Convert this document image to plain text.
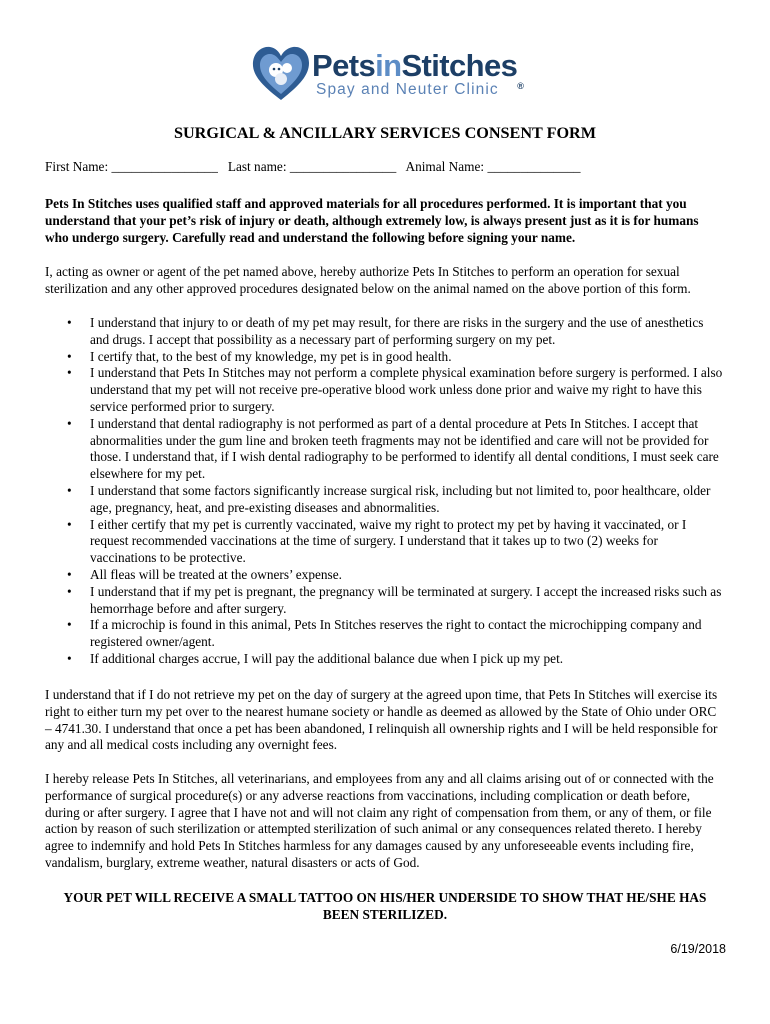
PetsinStitches®
Spay and Neuter Clinic
SURGICAL & ANCILLARY SERVICES CONSENT FORM
First Name: ________________   Last name: ________________   Animal Name: ______________

Pets In Stitches uses qualified staff and approved materials for all procedures performed. It is important that you understand that your pet’s risk of injury or death, although extremely low, is always present just as it is for humans who undergo surgery. Carefully read and understand the following before signing your name.

I, acting as owner or agent of the pet named above, hereby authorize Pets In Stitches to perform an operation for sexual sterilization and any other approved procedures designated below on the animal named on the above portion of this form.

• I understand that injury to or death of my pet may result, for there are risks in the surgery and the use of anesthetics and drugs. I accept that possibility as a necessary part of performing surgery on my pet.
• I certify that, to the best of my knowledge, my pet is in good health.
• I understand that Pets In Stitches may not perform a complete physical examination before surgery is performed. I also understand that my pet will not receive pre-operative blood work unless done prior and waive my right to have this service performed prior to surgery.
• I understand that dental radiography is not performed as part of a dental procedure at Pets In Stitches. I accept that abnormalities under the gum line and broken teeth fragments may not be identified and care will not be provided for those. I understand that, if I wish dental radiography to be performed to identify all dental conditions, I must seek care elsewhere for my pet.
• I understand that some factors significantly increase surgical risk, including but not limited to, poor healthcare, older age, pregnancy, heat, and pre-existing diseases and abnormalities.
• I either certify that my pet is currently vaccinated, waive my right to protect my pet by having it vaccinated, or I request recommended vaccinations at the time of surgery. I understand that it takes up to two (2) weeks for vaccinations to be protective.
• All fleas will be treated at the owners’ expense.
• I understand that if my pet is pregnant, the pregnancy will be terminated at surgery. I accept the increased risks such as hemorrhage before and after surgery.
• If a microchip is found in this animal, Pets In Stitches reserves the right to contact the microchipping company and registered owner/agent.
• If additional charges accrue, I will pay the additional balance due when I pick up my pet.

I understand that if I do not retrieve my pet on the day of surgery at the agreed upon time, that Pets In Stitches will exercise its right to either turn my pet over to the nearest humane society or handle as deemed as allowed by the State of Ohio under ORC – 4741.30. I understand that once a pet has been abandoned, I relinquish all ownership rights and I will be held responsible for any and all medical costs including any overnight fees.

I hereby release Pets In Stitches, all veterinarians, and employees from any and all claims arising out of or connected with the performance of surgical procedure(s) or any adverse reactions from vaccinations, including complication or death before, during or after surgery. I agree that I have not and will not claim any right of compensation from them, or any of them, or file action by reason of such sterilization or attempted sterilization of such animal or any consequences related thereto. I hereby agree to indemnify and hold Pets In Stitches harmless for any damages caused by any unforeseeable events including fire, vandalism, burglary, extreme weather, natural disasters or acts of God.

YOUR PET WILL RECEIVE A SMALL TATTOO ON HIS/HER UNDERSIDE TO SHOW THAT HE/SHE HAS BEEN STERILIZED.

6/19/2018
